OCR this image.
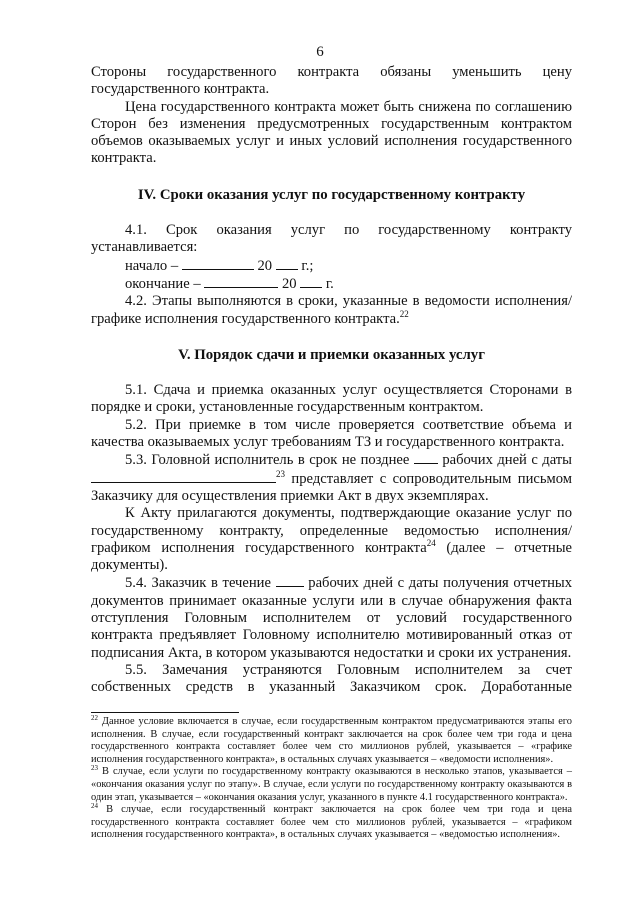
6

Стороны государственного контракта обязаны уменьшить цену государственного контракта.

Цена государственного контракта может быть снижена по соглашению Сторон без изменения предусмотренных государственным контрактом объемов оказываемых услуг и иных условий исполнения государственного контракта.

IV. Сроки оказания услуг по государственному контракту

4.1. Срок оказания услуг по государственному контракту устанавливается:

начало –	20 г.;
окончание –	20 г.

4.2. Этапы выполняются в сроки, указанные в ведомости исполнения/графике исполнения государственного контракта.$^{22}$

V. Порядок сдачи и приемки оказанных услуг

5.1. Сдача и приемка оказанных услуг осуществляется Сторонами в порядке и сроки, установленные государственным контрактом.

5.2. При приемке в том числе проверяется соответствие объема и качества оказываемых услуг требованиям ТЗ и государственного контракта.

5.3. Головной исполнитель в срок не позднее рабочих дней с даты $^{23}$ представляет с сопроводительным письмом Заказчику для осуществления приемки Акт в двух экземплярах.

К Акту прилагаются документы, подтверждающие оказание услуг по государственному контракту, определенные ведомостью исполнения/графиком исполнения государственного контракта$^{24}$ (далее – отчетные документы).

5.4. Заказчик в течение	рабочих дней с даты получения отчетных документов принимает оказанные услуги или в случае обнаружения факта отступления Головным исполнителем от условий государственного контракта предъявляет Головному исполнителю мотивированный отказ от подписания Акта, в котором указываются недостатки и сроки их устранения.

5.5. Замечания устраняются Головным исполнителем за счет собственных средств в указанный Заказчиком срок. Доработанные

$^{22}$ Данное условие включается в случае, если государственным контрактом предусматриваются этапы его исполнения. В случае, если государственный контракт заключается на срок более чем три года и цена государственного контракта составляет более чем сто миллионов рублей, указывается – «графике исполнения государственного контракта», в остальных случаях указывается – «ведомости исполнения».

$^{23}$ В случае, если услуги по государственному контракту оказываются в несколько этапов, указывается – «окончания оказания услуг по этапу». В случае, если услуги по государственному контракту оказываются в один этап, указывается – «окончания оказания услуг, указанного в пункте 4.1 государственного контракта».

$^{24}$ В случае, если государственный контракт заключается на срок более чем три года и цена государственного контракта составляет более чем сто миллионов рублей, указывается – «графиком исполнения государственного контракта», в остальных случаях указывается – «ведомостью исполнения».
